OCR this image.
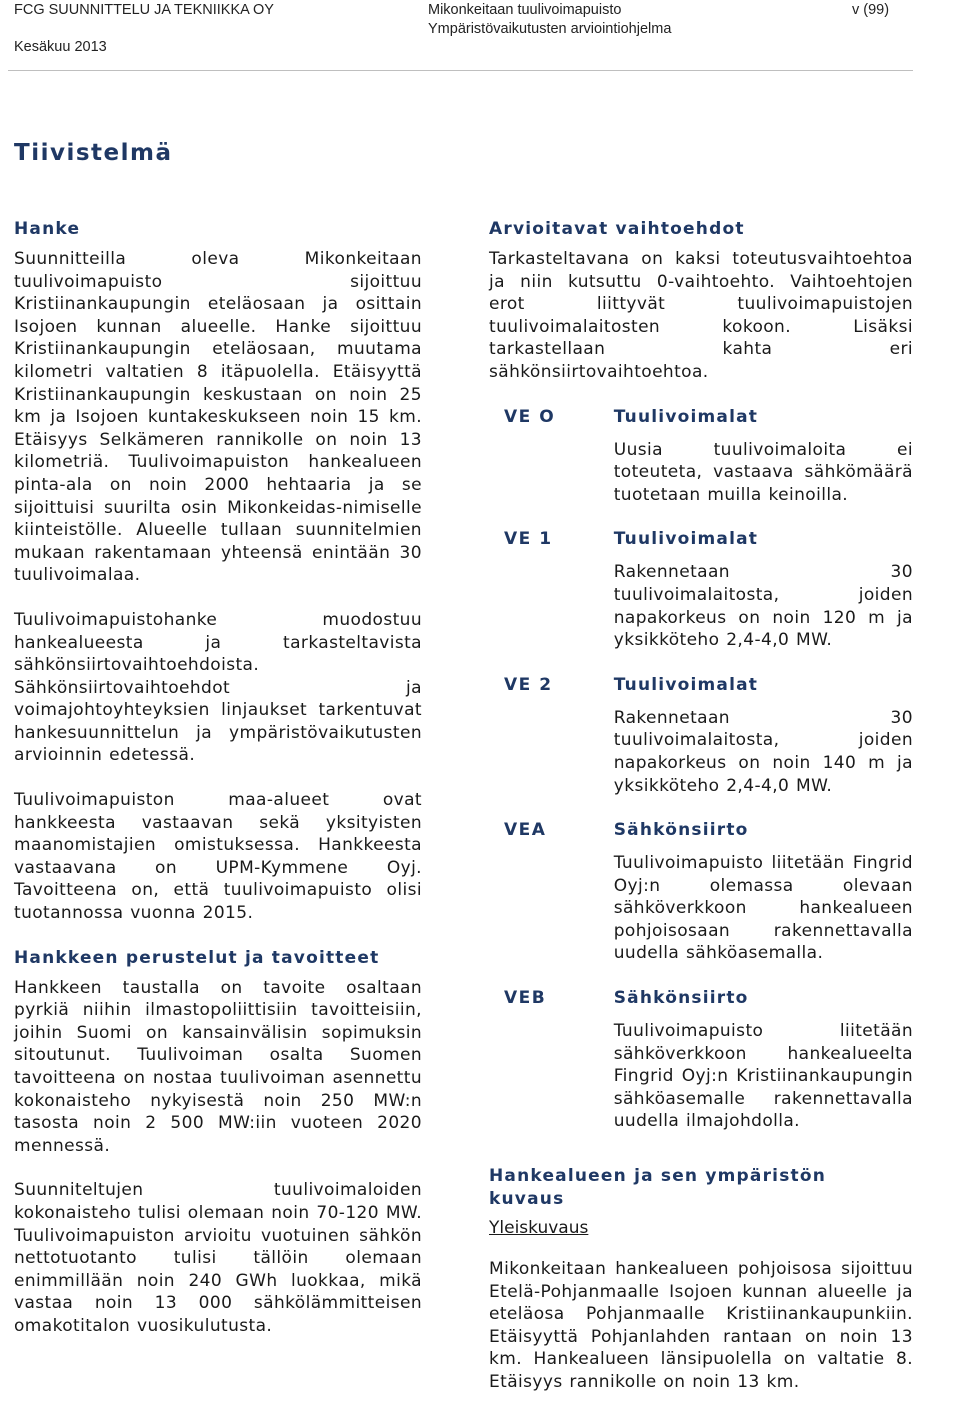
FCG SUUNNITTELU JA TEKNIIKKA OY
Kesäkuu 2013
Mikonkeitaan tuulivoimapuisto
Ympäristövaikutusten arviointiohjelma
v (99)
Tiivistelmä
Hanke

Suunnitteilla oleva Mikonkeitaan tuulivoimapuisto sijoittuu Kristiinankaupungin eteläosaan ja osittain Isojoen kunnan alueelle. Hanke sijoittuu Kristiinankaupungin eteläosaan, muutama kilometri valtatien 8 itäpuolella. Etäisyyttä Kristiinankaupungin keskustaan on noin 25 km ja Isojoen kuntakeskukseen noin 15 km. Etäisyys Selkämeren rannikolle on noin 13 kilometriä. Tuulivoimapuiston hankealueen pinta-ala on noin 2000 hehtaaria ja se sijoittuisi suurilta osin Mikonkeidas-nimiselle kiinteistölle. Alueelle tullaan suunnitelmien mukaan rakentamaan yhteensä enintään 30 tuulivoimalaa.

Tuulivoimapuistohanke muodostuu hankealueesta ja tarkasteltavista sähkönsiirtovaihtoehdoista. Sähkönsiirtovaihtoehdot ja voimajohtoyhteyksien linjaukset tarkentuvat hankesuunnittelun ja ympäristövaikutusten arvioinnin edetessä.

Tuulivoimapuiston maa-alueet ovat hankkeesta vastaavan sekä yksityisten maanomistajien omistuksessa. Hankkeesta vastaavana on UPM-Kymmene Oyj. Tavoitteena on, että tuulivoimapuisto olisi tuotannossa vuonna 2015.

Hankkeen perustelut ja tavoitteet

Hankkeen taustalla on tavoite osaltaan pyrkiä niihin ilmastopoliittisiin tavoitteisiin, joihin Suomi on kansainvälisin sopimuksin sitoutunut. Tuulivoiman osalta Suomen tavoitteena on nostaa tuulivoiman asennettu kokonaisteho nykyisestä noin 250 MW:n tasosta noin 2 500 MW:iin vuoteen 2020 mennessä.

Suunniteltujen tuulivoimaloiden kokonaisteho tulisi olemaan noin 70-120 MW. Tuulivoimapuiston arvioitu vuotuinen sähkön nettotuotanto tulisi tällöin olemaan enimmillään noin 240 GWh luokkaa, mikä vastaa noin 13 000 sähkölämmitteisen omakotitalon vuosikulutusta.

Arvioitavat vaihtoehdot

Tarkasteltavana on kaksi toteutusvaihtoehtoa ja niin kutsuttu 0-vaihtoehto. Vaihtoehtojen erot liittyvät tuulivoimapuistojen tuulivoimalaitosten kokoon. Lisäksi tarkastellaan kahta eri sähkönsiirtovaihtoehtoa.

VE O	Tuulivoimalat

Uusia tuulivoimaloita ei toteuteta, vastaava sähkömäärä tuotetaan muilla keinoilla.

VE 1	Tuulivoimalat

Rakennetaan 30 tuulivoimalaitosta, joiden napakorkeus on noin 120 m ja yksikköteho 2,4-4,0 MW.

VE 2	Tuulivoimalat

Rakennetaan 30 tuulivoimalaitosta, joiden napakorkeus on noin 140 m ja yksikköteho 2,4-4,0 MW.

VEA	Sähkönsiirto

Tuulivoimapuisto liitetään Fingrid Oyj:n olemassa olevaan sähköverkkoon hankealueen pohjoisosaan rakennettavalla uudella sähköasemalla.

VEB	Sähkönsiirto

Tuulivoimapuisto liitetään sähköverkkoon hankealueelta Fingrid Oyj:n Kristiinankaupungin sähköasemalle rakennettavalla uudella ilmajohdolla.

Hankealueen ja sen ympäristön kuvaus
Yleiskuvaus

Mikonkeitaan hankealueen pohjoisosa sijoittuu Etelä-Pohjanmaalle Isojoen kunnan alueelle ja eteläosa Pohjanmaalle Kristiinankaupunkiin. Etäisyyttä Pohjanlahden rantaan on noin 13 km. Hankealueen länsipuolella on valtatie 8. Etäisyys rannikolle on noin 13 km.
